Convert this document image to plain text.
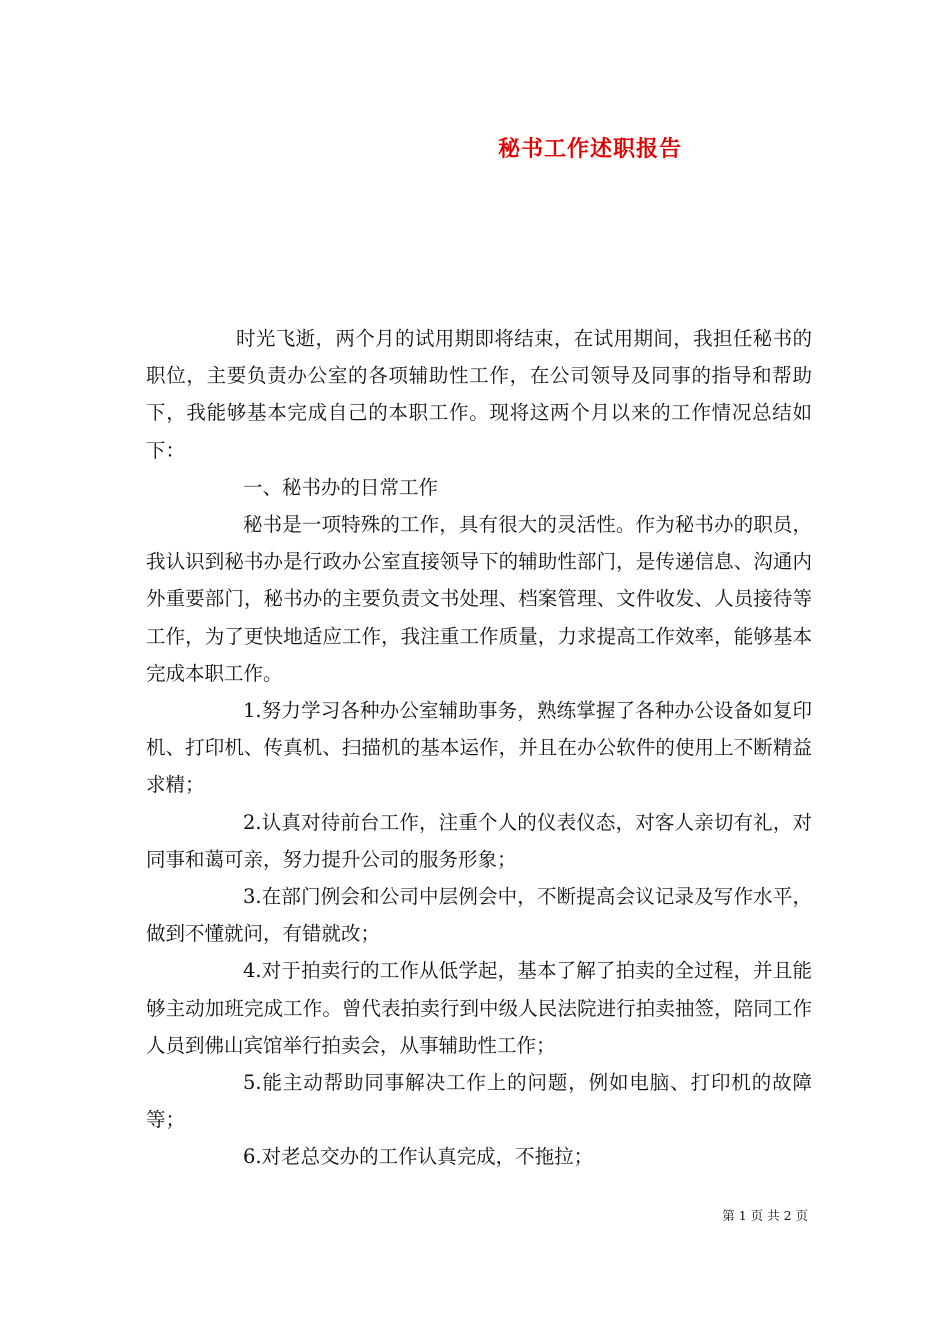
秘书工作述职报告

时光飞逝，两个月的试用期即将结束，在试用期间，我担任秘书的职位，主要负责办公室的各项辅助性工作，在公司领导及同事的指导和帮助下，我能够基本完成自己的本职工作。现将这两个月以来的工作情况总结如下：

一、秘书办的日常工作

秘书是一项特殊的工作，具有很大的灵活性。作为秘书办的职员，我认识到秘书办是行政办公室直接领导下的辅助性部门，是传递信息、沟通内外重要部门，秘书办的主要负责文书处理、档案管理、文件收发、人员接待等工作，为了更快地适应工作，我注重工作质量，力求提高工作效率，能够基本完成本职工作。

1.努力学习各种办公室辅助事务，熟练掌握了各种办公设备如复印机、打印机、传真机、扫描机的基本运作，并且在办公软件的使用上不断精益求精；

2.认真对待前台工作，注重个人的仪表仪态，对客人亲切有礼，对同事和蔼可亲，努力提升公司的服务形象；

3.在部门例会和公司中层例会中，不断提高会议记录及写作水平，做到不懂就问，有错就改；

4.对于拍卖行的工作从低学起，基本了解了拍卖的全过程，并且能够主动加班完成工作。曾代表拍卖行到中级人民法院进行拍卖抽签，陪同工作人员到佛山宾馆举行拍卖会，从事辅助性工作；

5.能主动帮助同事解决工作上的问题，例如电脑、打印机的故障等；

6.对老总交办的工作认真完成，不拖拉；

第 1 页 共 2 页
